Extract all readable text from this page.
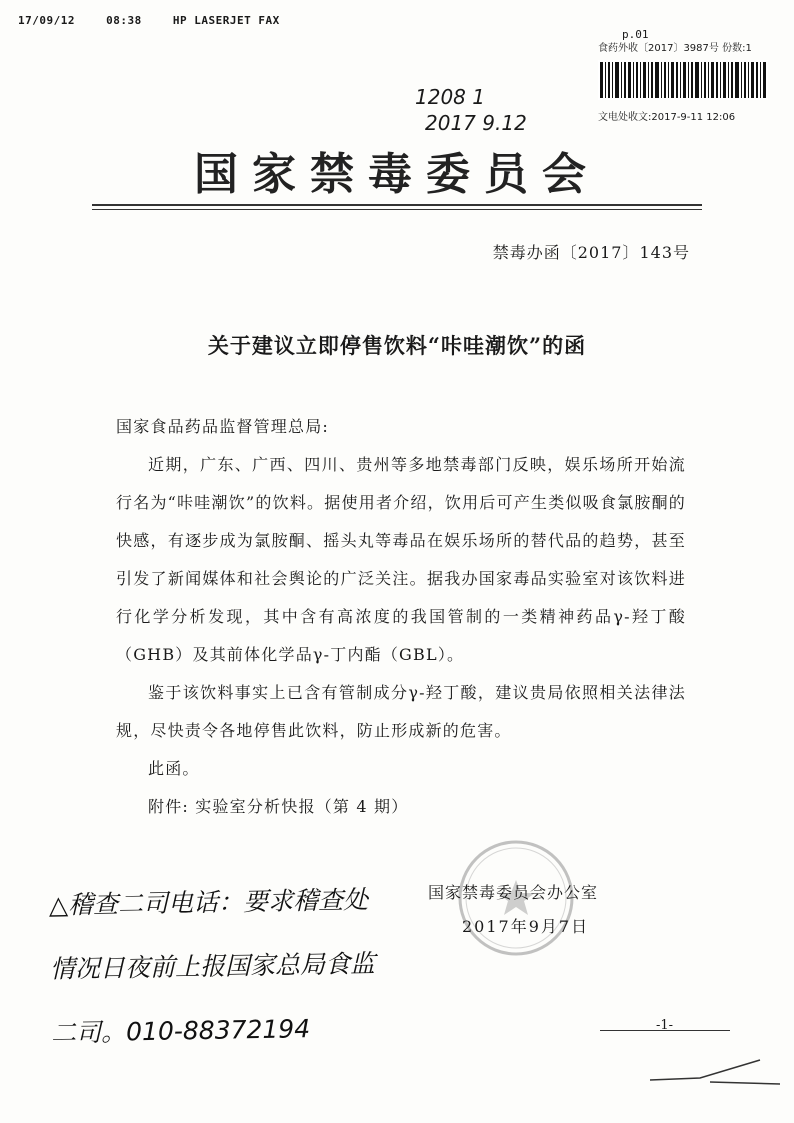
17/09/12	08:38	HP LASERJET FAX
p.01
食药外收〔2017〕3987号 份数:1
文电处收文:2017-9-11 12:06
1208 1
2017 9.12
国家禁毒委员会
禁毒办函〔2017〕143号
关于建议立即停售饮料“咔哇潮饮”的函

国家食品药品监督管理总局:

近期，广东、广西、四川、贵州等多地禁毒部门反映，娱乐场所开始流行名为“咔哇潮饮”的饮料。据使用者介绍，饮用后可产生类似吸食氯胺酮的快感，有逐步成为氯胺酮、摇头丸等毒品在娱乐场所的替代品的趋势，甚至引发了新闻媒体和社会舆论的广泛关注。据我办国家毒品实验室对该饮料进行化学分析发现，其中含有高浓度的我国管制的一类精神药品γ-羟丁酸（GHB）及其前体化学品γ-丁内酯（GBL）。

鉴于该饮料事实上已含有管制成分γ-羟丁酸，建议贵局依照相关法律法规，尽快责令各地停售此饮料，防止形成新的危害。

此函。

附件: 实验室分析快报（第 4 期）

国家禁毒委员会办公室
2017年9月7日
△稽查二司电话：要求稽查处
情况日夜前上报国家总局食监
二司。010-88372194	-1-
